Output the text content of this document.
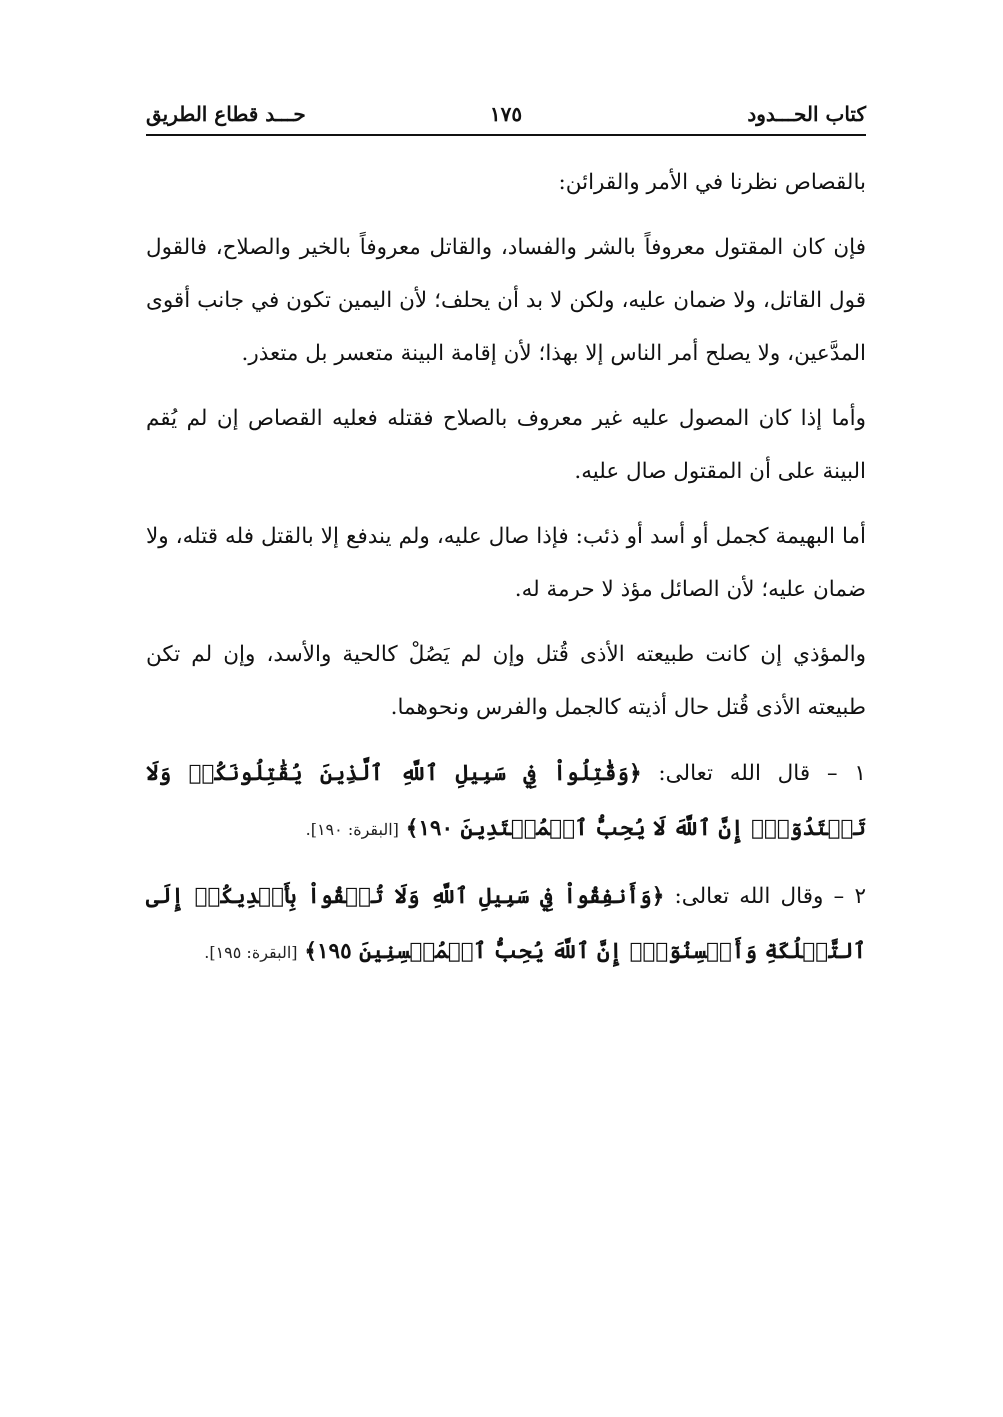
كتاب الحـــدود
١٧٥
حـــد قطاع الطريق

بالقصاص نظرنا في الأمر والقرائن:

فإن كان المقتول معروفاً بالشر والفساد، والقاتل معروفاً بالخير والصلاح، فالقول قول القاتل، ولا ضمان عليه، ولكن لا بد أن يحلف؛ لأن اليمين تكون في جانب أقوى المدَّعين، ولا يصلح أمر الناس إلا بهذا؛ لأن إقامة البينة متعسر بل متعذر.

وأما إذا كان المصول عليه غير معروف بالصلاح فقتله فعليه القصاص إن لم يُقم البينة على أن المقتول صال عليه.

أما البهيمة كجمل أو أسد أو ذئب: فإذا صال عليه، ولم يندفع إلا بالقتل فله قتله، ولا ضمان عليه؛ لأن الصائل مؤذ لا حرمة له.

والمؤذي إن كانت طبيعته الأذى قُتل وإن لم يَصُلْ كالحية والأسد، وإن لم تكن طبيعته الأذى قُتل حال أذيته كالجمل والفرس ونحوهما.

١ – قال الله تعالى: ﴿وَقَٰتِلُواْ فِي سَبِيلِ ٱللَّهِ ٱلَّذِينَ يُقَٰتِلُونَكُمۡ وَلَا تَعۡتَدُوٓاْۚ إِنَّ ٱللَّهَ لَا يُحِبُّ ٱلۡمُعۡتَدِينَ ١٩٠﴾ [البقرة: ١٩٠].

٢ – وقال الله تعالى: ﴿وَأَنفِقُواْ فِي سَبِيلِ ٱللَّهِ وَلَا تُلۡقُواْ بِأَيۡدِيكُمۡ إِلَى ٱلتَّهۡلُكَةِ وَأَحۡسِنُوٓاْۚ إِنَّ ٱللَّهَ يُحِبُّ ٱلۡمُحۡسِنِينَ ١٩٥﴾ [البقرة: ١٩٥].
